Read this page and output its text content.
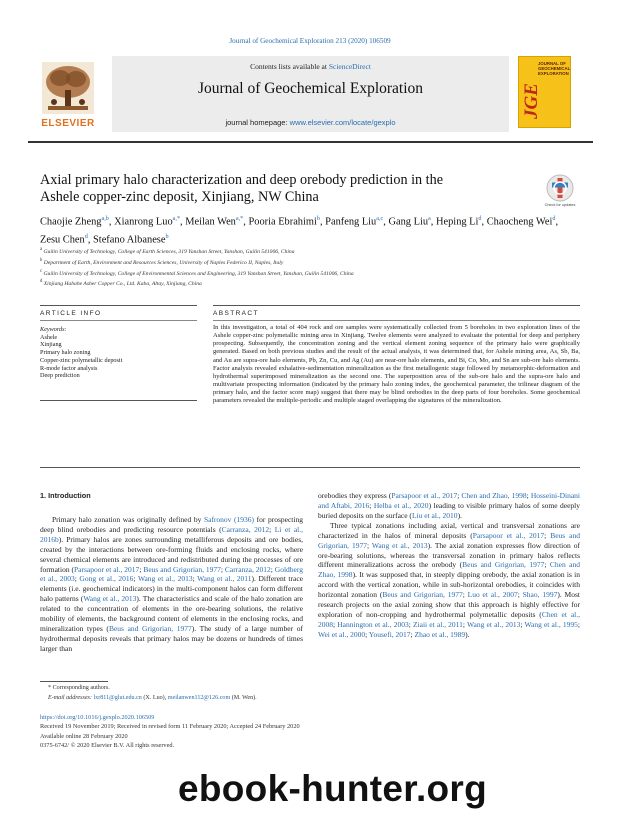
Journal of Geochemical Exploration 213 (2020) 106509
ELSEVIER
Contents lists available at ScienceDirect
Journal of Geochemical Exploration
journal homepage: www.elsevier.com/locate/gexplo
JGE
JOURNAL OF GEOCHEMICAL EXPLORATION
Axial primary halo characterization and deep orebody prediction in the Ashele copper-zinc deposit, Xinjiang, NW China	Check for updates
Chaojie Zheng$^{a,b}$, Xianrong Luo$^{a,*}$, Meilan Wen$^{a,*}$, Pooria Ebrahimi$^b$, Panfeng Liu$^{a,c}$, Gang Liu$^a$, Heping Li$^d$, Chaocheng Wei$^d$, Zesu Chen$^d$, Stefano Albanese$^b$
$^a$ Guilin University of Technology, College of Earth Sciences, 319 Yanshan Street, Yanshan, Guilin 541006, China
$^b$ Department of Earth, Environment and Resources Sciences, University of Naples Federico II, Naples, Italy
$^c$ Guilin University of Technology, College of Environmental Sciences and Engineering, 319 Yanshan Street, Yanshan, Guilin 541006, China
$^d$ Xinjiang Habahe Asher Copper Co., Ltd. Kaba, Altay, Xinjiang, China
ARTICLE INFO	ABSTRACT
Keywords:
Ashele
Xinjiang
Primary halo zoning
Copper-zinc polymetallic deposit
R-mode factor analysis
Deep prediction
In this investigation, a total of 404 rock and ore samples were systematically collected from 5 boreholes in two exploration lines of the Ashele copper-zinc polymetallic mining area in Xinjiang. Twelve elements were analyzed to evaluate the potential for deep and periphery prospecting. Subsequently, the concentration zoning and the vertical element zoning sequence of the primary halo were graphically generated. Based on both previous studies and the result of the actual analysis, it was determined that, for Ashele mining area, As, Sb, Ba, and Au are supra-ore halo elements, Pb, Zn, Cu, and Ag (Au) are near-ore halo elements, and Bi, Co, Mo, and Sn are sub-ore halo elements. Factor analysis revealed exhalative-sedimentation mineralization as the first metallogenic stage followed by metamorphic-deformation and hydrothermal superimposed mineralization as the second one. The superposition area of the sub-ore halo and the supra-ore halo and multivariate prospecting information (indicated by the primary halo zoning index, the geochemical parameter, the trilinear diagram of the primary halo, and the factor score map) suggest that there may be blind orebodies in the deep parts of four boreholes. Some geochemical parameters revealed the multiple-periodic and multiple staged overlapping the signatures of the mineralization.
1. Introduction
Primary halo zonation was originally defined by Safronov (1936) for prospecting deep blind orebodies and predicting resource potentials (Carranza, 2012; Li et al., 2016b). Primary halos are zones surrounding metalliferous deposits and ore bodies, created by the interactions between ore-forming fluids and enclosing rocks, where several chemical elements are introduced and redistributed during the processes of ore formation (Parsapoor et al., 2017; Beus and Grigorian, 1977; Carranza, 2012; Goldberg et al., 2003; Gong et al., 2016; Wang et al., 2013; Wang et al., 2011). Different trace elements (i.e. geochemical indicators) in the multi-component halos can form different halo patterns (Wang et al., 2013). The characteristics and scale of the halo zonation are related to the concentration of elements in the ore-bearing solutions, the relative mobility of elements, the background content of elements in the enclosing rocks, and mineralization types (Beus and Grigorian, 1977). The study of a large number of hydrothermal deposits reveals that primary halos may be dozens or hundreds of times larger than
orebodies they express (Parsapoor et al., 2017; Chen and Zhao, 1998; Hosseini-Dinani and Aftabi, 2016; Helba et al., 2020) leading to visible primary halos of some deeply buried deposits on the surface (Liu et al., 2010).
Three typical zonations including axial, vertical and transversal zonations are characterized in the halos of mineral deposits (Parsapoor et al., 2017; Beus and Grigorian, 1977; Wang et al., 2013). The axial zonation expresses flow direction of ore-bearing solutions, whereas the transversal zonation in primary halos reflects different mineralizations across the orebody (Beus and Grigorian, 1977; Chen and Zhao, 1998). It was supposed that, in steeply dipping orebody, the axial zonation is in accord with the vertical zonation, while in sub-horizontal orebodies, it coincides with horizontal zonation (Beus and Grigorian, 1977; Luo et al., 2007; Shao, 1997). Most research projects on the axial zoning show that this approach is highly effective for exploration of non-cropping and hydrothermal polymetallic deposits (Chen et al., 2008; Hannington et al., 2003; Ziaii et al., 2011; Wang et al., 2013; Wang et al., 1995; Wei et al., 2000; Yousefi, 2017; Zhao et al., 1989).
* Corresponding authors.
E-mail addresses: lxr811@glut.edu.cn (X. Luo), meilanwen112@126.com (M. Wen).
https://doi.org/10.1016/j.gexplo.2020.106509
Received 19 November 2019; Received in revised form 11 February 2020; Accepted 24 February 2020
Available online 28 February 2020
0375-6742/ © 2020 Elsevier B.V. All rights reserved.
ebook-hunter.org
